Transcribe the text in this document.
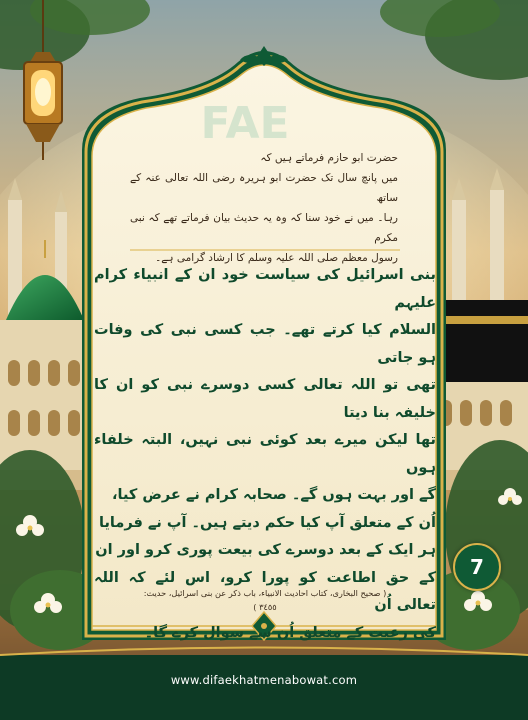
FAE
حضرت ابو حازم فرماتے ہیں کہ
میں پانچ سال تک حضرت ابو ہریرہ رضی اللہ تعالی عنہ کے ساتھ
رہا۔ میں نے خود سنا کہ وہ یہ حدیث بیان فرماتے تھے کہ نبی مکرم
رسول معظم صلی اللہ علیہ وسلم کا ارشاد گرامی ہے۔
بنی اسرائیل کی سیاست خود ان کے انبیاء کرام علیہم
السلام کیا کرتے تھے۔ جب کسی نبی کی وفات ہو جاتی
تھی تو اللہ تعالی کسی دوسرے نبی کو ان کا خلیفہ بنا دیتا
تھا لیکن میرے بعد کوئی نبی نہیں، البتہ خلفاء ہوں
گے اور بہت ہوں گے۔ صحابہ کرام نے عرض کیا،
اُن کے متعلق آپ کیا حکم دیتے ہیں۔ آپ نے فرمایا
ہر ایک کے بعد دوسرے کی بیعت پوری کرو اور ان
کے حق اطاعت کو پورا کرو، اس لئے کہ اللہ تعالی اُن
کی رعیت کے متعلق اُن سے سوال کرے گا۔
( صحیح البخاری، کتاب احادیث الانبیاء، باب ذکر عن بنی اسرائیل، حدیث:
٣٤٥٥ )
7
www.difaekhatmenabowat.com
